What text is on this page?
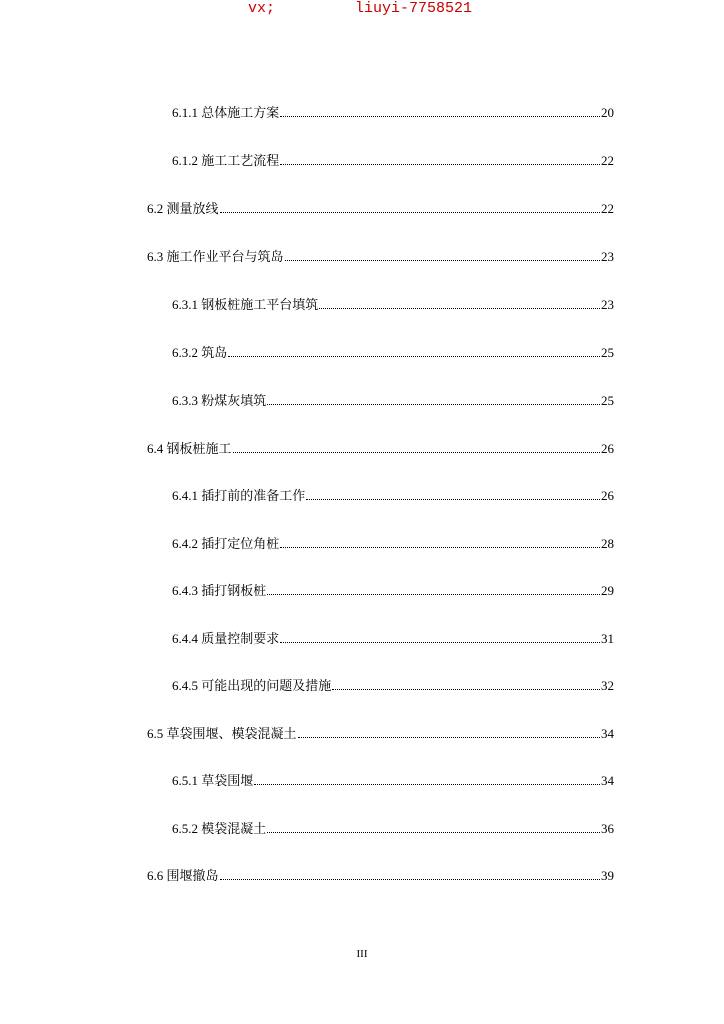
vx;

	liuyi-7758521

6.1.1 总体施工方案	20
6.1.2 施工工艺流程	22
6.2 测量放线	22
6.3 施工作业平台与筑岛	23
6.3.1 钢板桩施工平台填筑	23
6.3.2 筑岛	25
6.3.3 粉煤灰填筑	25
6.4 钢板桩施工	26
6.4.1 插打前的准备工作	26
6.4.2 插打定位角桩	28
6.4.3 插打钢板桩	29
6.4.4 质量控制要求	31
6.4.5 可能出现的问题及措施	32
6.5 草袋围堰、模袋混凝土	34
6.5.1 草袋围堰	34
6.5.2 模袋混凝土	36
6.6 围堰撤岛	39
III
